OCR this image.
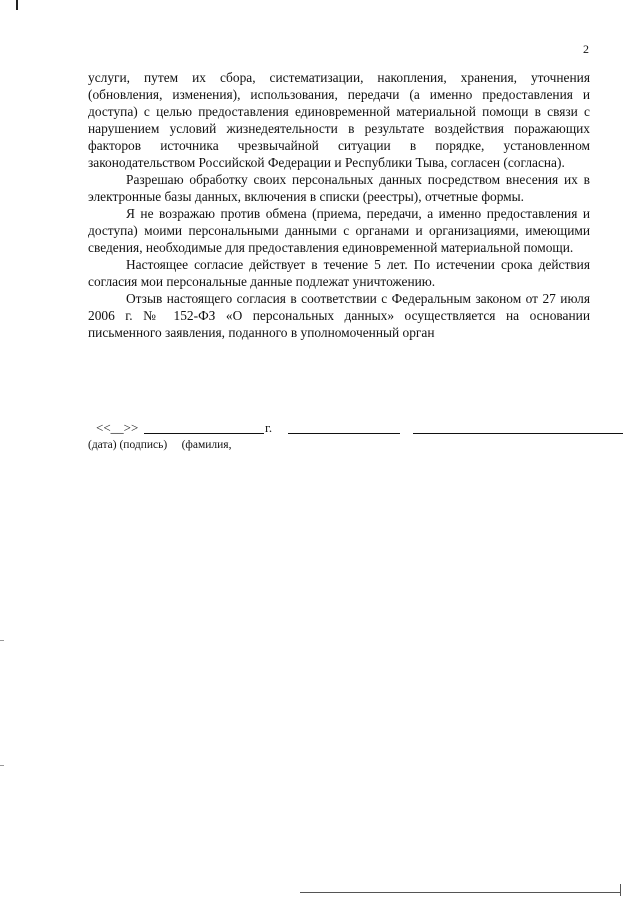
2

услуги, путем их сбора, систематизации, накопления, хранения, уточнения (обновления, изменения), использования, передачи (а именно предоставления и доступа) с целью предоставления единовременной материальной помощи в связи с нарушением условий жизнедеятельности в результате воздействия поражающих факторов источника чрезвычайной ситуации в порядке, установленном законодательством Российской Федерации и Республики Тыва, согласен (согласна).

Разрешаю обработку своих персональных данных посредством внесения их в электронные базы данных, включения в списки (реестры), отчетные формы.

Я не возражаю против обмена (приема, передачи, а именно предоставления и доступа) моими персональными данными с органами и организациями, имеющими сведения, необходимые для предоставления единовременной материальной помощи.

Настоящее согласие действует в течение 5 лет. По истечении срока действия согласия мои персональные данные подлежат уничтожению.

Отзыв настоящего согласия в соответствии с Федеральным законом от 27 июля 2006 г. № 152-ФЗ «О персональных данных» осуществляется на основании письменного заявления, поданного в уполномоченный орган

<<__>>	г.
(дата) (подпись)     (фамилия,
